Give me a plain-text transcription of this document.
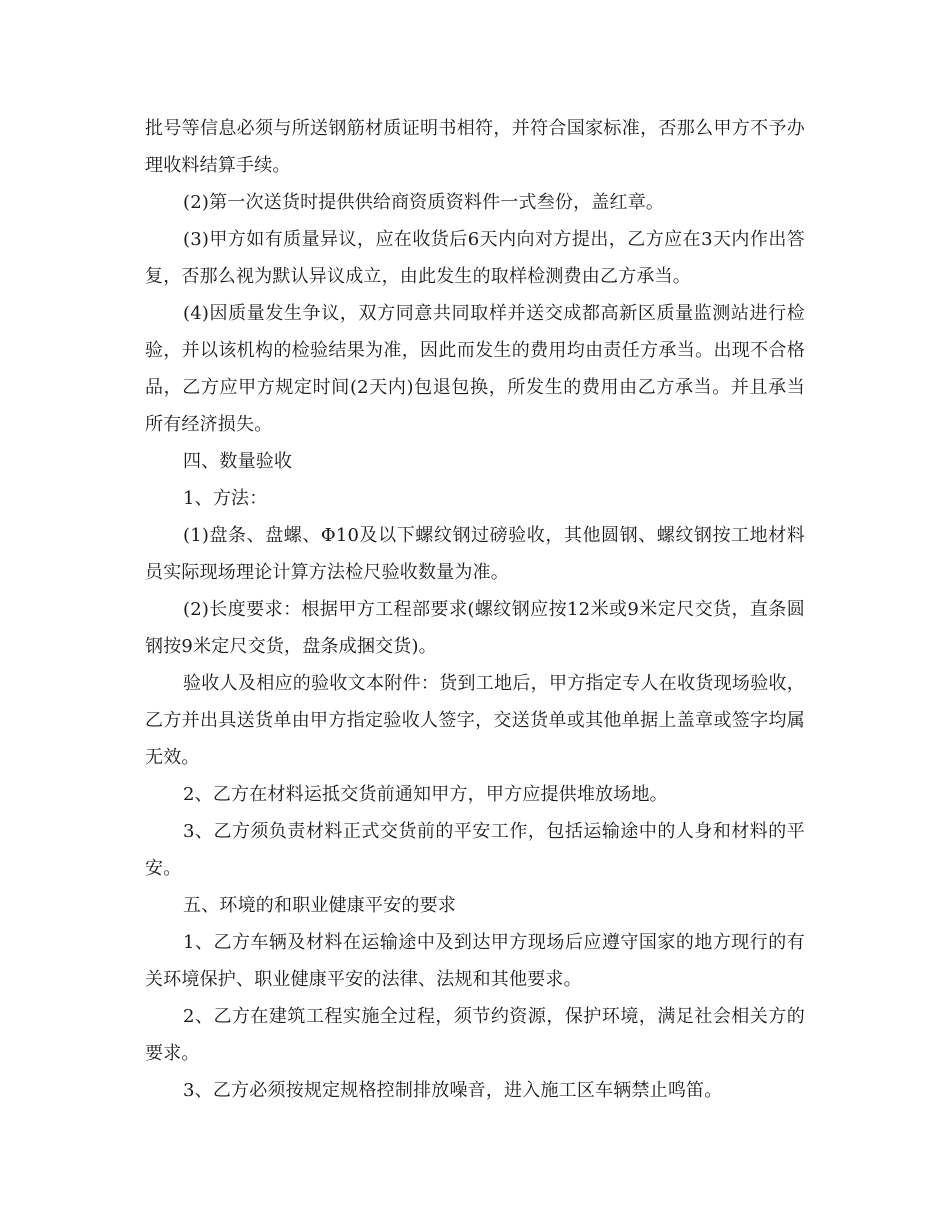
批号等信息必须与所送钢筋材质证明书相符，并符合国家标准，否那么甲方不予办理收料结算手续。

(2)第一次送货时提供供给商资质资料件一式叁份，盖红章。

(3)甲方如有质量异议，应在收货后6天内向对方提出，乙方应在3天内作出答复，否那么视为默认异议成立，由此发生的取样检测费由乙方承当。

(4)因质量发生争议，双方同意共同取样并送交成都高新区质量监测站进行检验，并以该机构的检验结果为准，因此而发生的费用均由责任方承当。出现不合格品，乙方应甲方规定时间(2天内)包退包换，所发生的费用由乙方承当。并且承当所有经济损失。

四、数量验收

1、方法：

(1)盘条、盘螺、Φ10及以下螺纹钢过磅验收，其他圆钢、螺纹钢按工地材料员实际现场理论计算方法检尺验收数量为准。

(2)长度要求：根据甲方工程部要求(螺纹钢应按12米或9米定尺交货，直条圆钢按9米定尺交货，盘条成捆交货)。

验收人及相应的验收文本附件：货到工地后，甲方指定专人在收货现场验收，乙方并出具送货单由甲方指定验收人签字，交送货单或其他单据上盖章或签字均属无效。

2、乙方在材料运抵交货前通知甲方，甲方应提供堆放场地。

3、乙方须负责材料正式交货前的平安工作，包括运输途中的人身和材料的平安。

五、环境的和职业健康平安的要求

1、乙方车辆及材料在运输途中及到达甲方现场后应遵守国家的地方现行的有关环境保护、职业健康平安的法律、法规和其他要求。

2、乙方在建筑工程实施全过程，须节约资源，保护环境，满足社会相关方的要求。

3、乙方必须按规定规格控制排放噪音，进入施工区车辆禁止鸣笛。
